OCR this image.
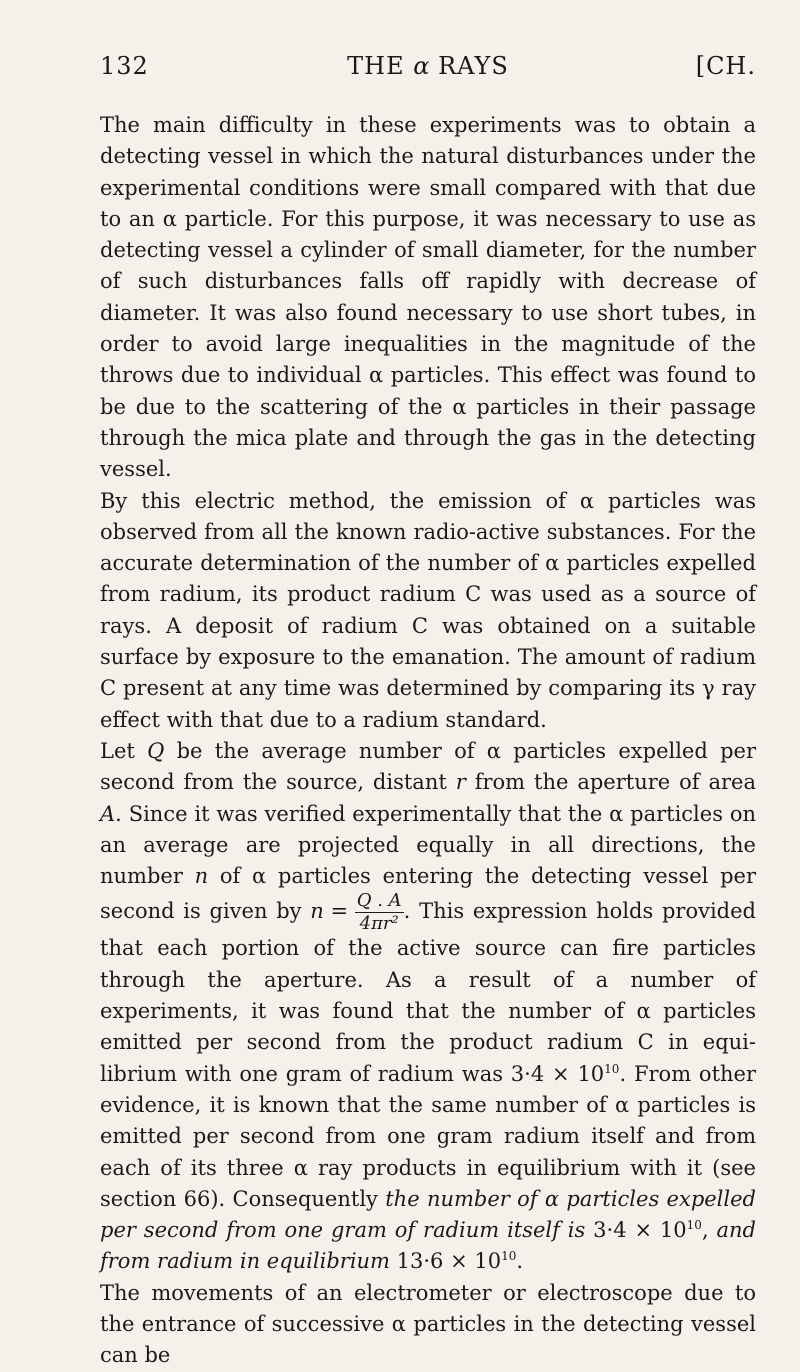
132	THE α RAYS	[CH.

The main difficulty in these experiments was to obtain a detecting vessel in which the natural disturbances under the experimental conditions were small compared with that due to an α particle. For this purpose, it was necessary to use as detecting vessel a cylinder of small diameter, for the number of such disturbances falls off rapidly with decrease of diameter. It was also found necessary to use short tubes, in order to avoid large inequalities in the magnitude of the throws due to individual α particles. This effect was found to be due to the scattering of the α particles in their passage through the mica plate and through the gas in the detecting vessel.

By this electric method, the emission of α particles was observed from all the known radio-active substances. For the accurate determination of the number of α particles expelled from radium, its product radium C was used as a source of rays. A deposit of radium C was obtained on a suitable surface by exposure to the emanation. The amount of radium C present at any time was determined by comparing its γ ray effect with that due to a radium standard.

Let Q be the average number of α particles expelled per second from the source, distant r from the aperture of area A. Since it was verified experimentally that the α particles on an average are projected equally in all directions, the number n of α particles entering the detecting vessel per second is given by $n = \frac{Q . A}{\text{4πr²}}$ . This expression holds provided that each portion of the active source can fire particles through the aperture. As a result of a number of experiments, it was found that the number of α particles emitted per second from the product radium C in equi-librium with one gram of radium was $3\cdot 4 \times 10^{10}$. From other evidence, it is known that the same number of α particles is emitted per second from one gram radium itself and from each of its three α ray products in equilibrium with it (see section 66). Consequently the number of α particles expelled per second from one gram of radium itself is $3\cdot 4 \times 10^{10}$, and from radium in equilibrium $13\cdot 6 \times 10^{10}$.

The movements of an electrometer or electroscope due to the entrance of successive α particles in the detecting vessel can be
